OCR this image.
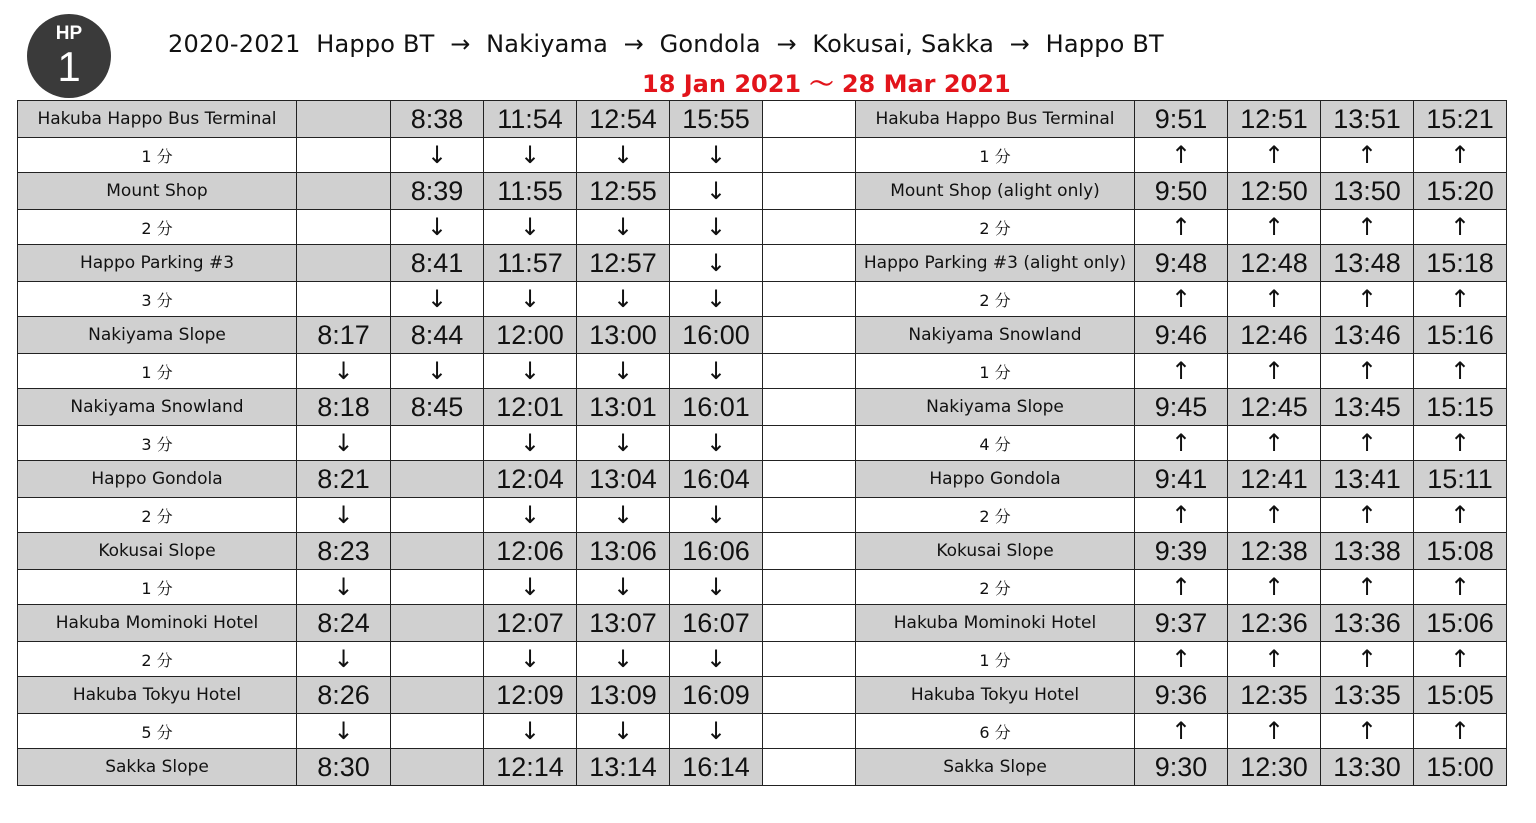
HP
1	2020-2021  Happo BT  →  Nakiyama  →  Gondola  →  Kokusai, Sakka  →  Happo BT
18 Jan 2021 〜 28 Mar 2021
Hakuba Happo Bus Terminal		8:38	11:54	12:54	15:55		Hakuba Happo Bus Terminal	9:51	12:51	13:51	15:21
1 分		↓	↓	↓	↓		1 分	↑	↑	↑	↑
Mount Shop		8:39	11:55	12:55	↓		Mount Shop (alight only)	9:50	12:50	13:50	15:20
2 分		↓	↓	↓	↓		2 分	↑	↑	↑	↑
Happo Parking #3		8:41	11:57	12:57	↓		Happo Parking #3 (alight only)	9:48	12:48	13:48	15:18
3 分		↓	↓	↓	↓		2 分	↑	↑	↑	↑
Nakiyama Slope	8:17	8:44	12:00	13:00	16:00		Nakiyama Snowland	9:46	12:46	13:46	15:16
1 分	↓	↓	↓	↓	↓		1 分	↑	↑	↑	↑
Nakiyama Snowland	8:18	8:45	12:01	13:01	16:01		Nakiyama Slope	9:45	12:45	13:45	15:15
3 分	↓		↓	↓	↓		4 分	↑	↑	↑	↑
Happo Gondola	8:21		12:04	13:04	16:04		Happo Gondola	9:41	12:41	13:41	15:11
2 分	↓		↓	↓	↓		2 分	↑	↑	↑	↑
Kokusai Slope	8:23		12:06	13:06	16:06		Kokusai Slope	9:39	12:38	13:38	15:08
1 分	↓		↓	↓	↓		2 分	↑	↑	↑	↑
Hakuba Mominoki Hotel	8:24		12:07	13:07	16:07		Hakuba Mominoki Hotel	9:37	12:36	13:36	15:06
2 分	↓		↓	↓	↓		1 分	↑	↑	↑	↑
Hakuba Tokyu Hotel	8:26		12:09	13:09	16:09		Hakuba Tokyu Hotel	9:36	12:35	13:35	15:05
5 分	↓		↓	↓	↓		6 分	↑	↑	↑	↑
Sakka Slope	8:30		12:14	13:14	16:14		Sakka Slope	9:30	12:30	13:30	15:00
